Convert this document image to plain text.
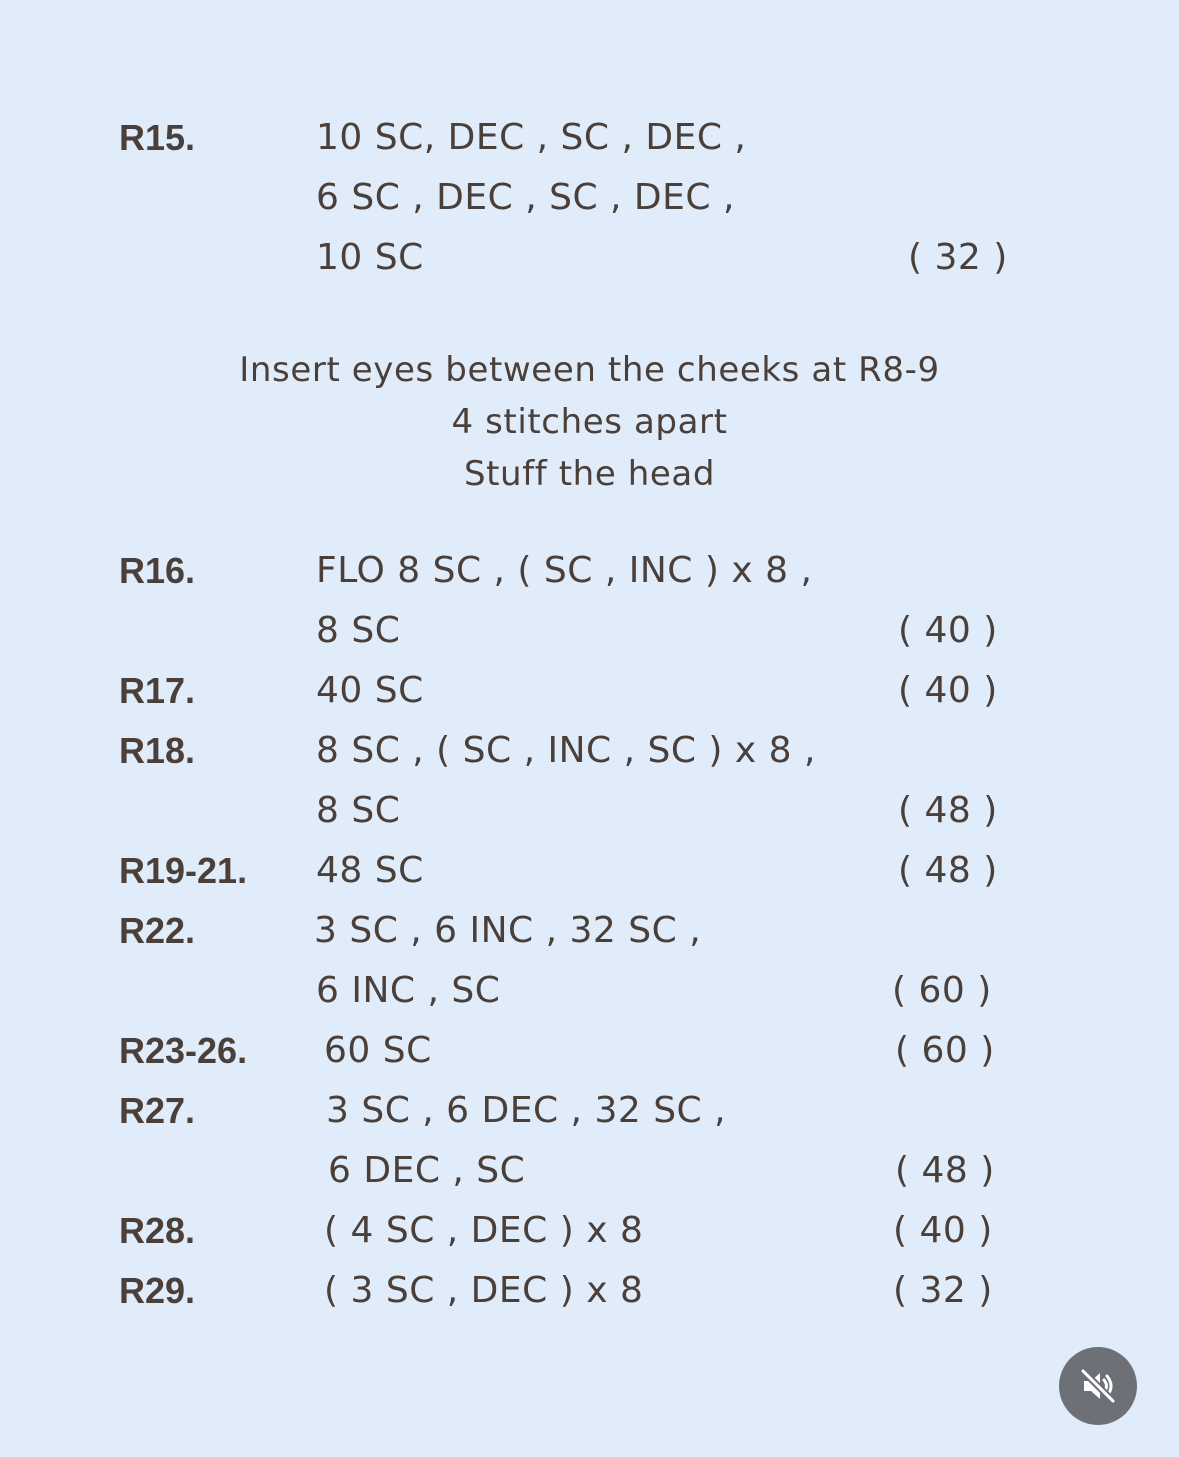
R15.	10 SC, DEC , SC , DEC ,
6 SC , DEC , SC , DEC ,
10 SC	( 32 )
Insert eyes between the cheeks at R8-9
4 stitches apart
Stuff the head
R16.	FLO 8 SC , ( SC , INC ) x 8 ,
8 SC	( 40 )
R17.	40 SC	( 40 )
R18.	8 SC , ( SC , INC , SC ) x 8 ,
8 SC	( 48 )
R19-21. 48 SC	( 48 )
R22.	3 SC , 6 INC , 32 SC ,
6 INC , SC	( 60 )
R23-26. 60 SC	( 60 )
R27.	3 SC , 6 DEC , 32 SC ,
6 DEC , SC	( 48 )
R28.	( 4 SC , DEC ) x 8	( 40 )
R29.	( 3 SC , DEC ) x 8	( 32 )
